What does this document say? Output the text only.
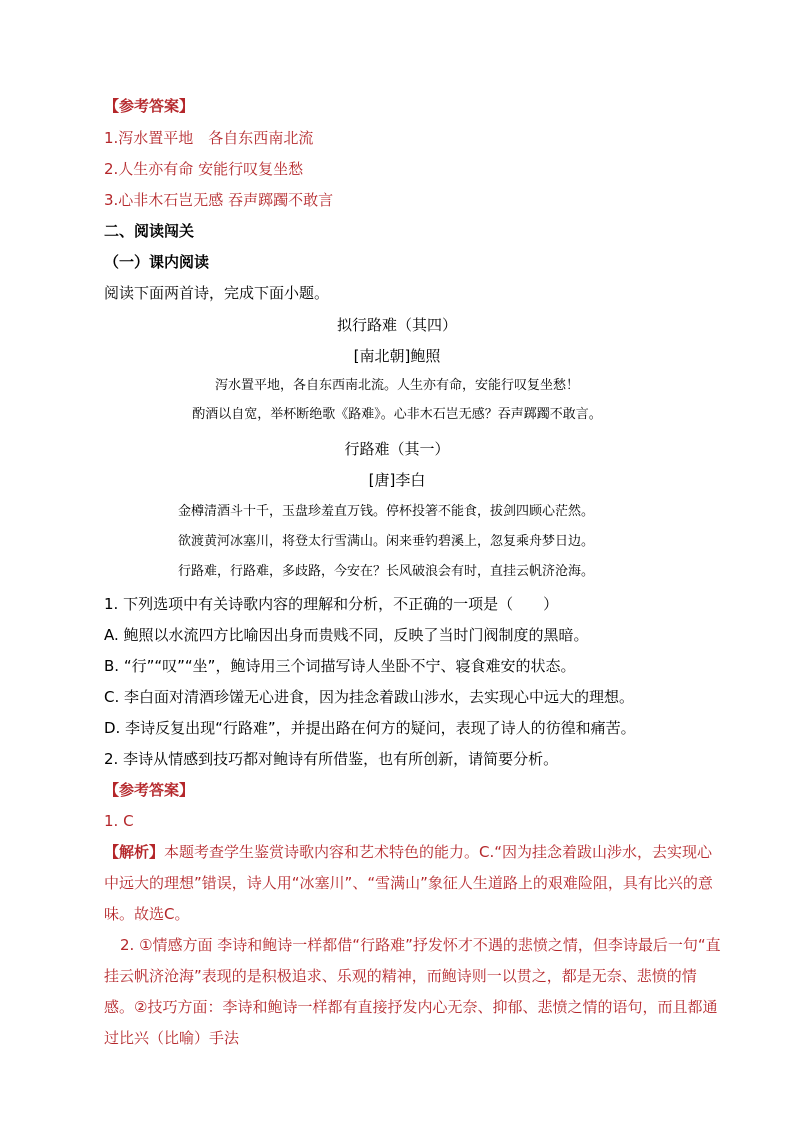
【参考答案】
1.泻水置平地　各自东西南北流
2.人生亦有命 安能行叹复坐愁
3.心非木石岂无感 吞声踯躅不敢言
二、阅读闯关
（一）课内阅读
阅读下面两首诗，完成下面小题。
拟行路难（其四）
[南北朝]鲍照
泻水置平地，各自东西南北流。人生亦有命，安能行叹复坐愁！
酌酒以自宽，举杯断绝歌《路难》。心非木石岂无感？吞声踯躅不敢言。
行路难（其一）
[唐]李白
金樽清酒斗十千，玉盘珍羞直万钱。停杯投箸不能食，拔剑四顾心茫然。
欲渡黄河冰塞川，将登太行雪满山。闲来垂钓碧溪上，忽复乘舟梦日边。
行路难，行路难，多歧路，今安在？长风破浪会有时，直挂云帆济沧海。
1. 下列选项中有关诗歌内容的理解和分析，不正确的一项是（　　）
A. 鲍照以水流四方比喻因出身而贵贱不同，反映了当时门阀制度的黑暗。
B. “行”“叹”“坐”，鲍诗用三个词描写诗人坐卧不宁、寝食难安的状态。
C. 李白面对清酒珍馐无心进食，因为挂念着跋山涉水，去实现心中远大的理想。
D. 李诗反复出现“行路难”，并提出路在何方的疑问，表现了诗人的彷徨和痛苦。
2. 李诗从情感到技巧都对鲍诗有所借鉴，也有所创新，请简要分析。
【参考答案】
1. C
【解析】本题考查学生鉴赏诗歌内容和艺术特色的能力。C.“因为挂念着跋山涉水，去实现心中远大的理想”错误，诗人用“冰塞川”、“雪满山”象征人生道路上的艰难险阻，具有比兴的意味。故选C。
2. ①情感方面 李诗和鲍诗一样都借“行路难”抒发怀才不遇的悲愤之情，但李诗最后一句“直挂云帆济沧海”表现的是积极追求、乐观的精神，而鲍诗则一以贯之，都是无奈、悲愤的情感。②技巧方面：李诗和鲍诗一样都有直接抒发内心无奈、抑郁、悲愤之情的语句，而且都通过比兴（比喻）手法
